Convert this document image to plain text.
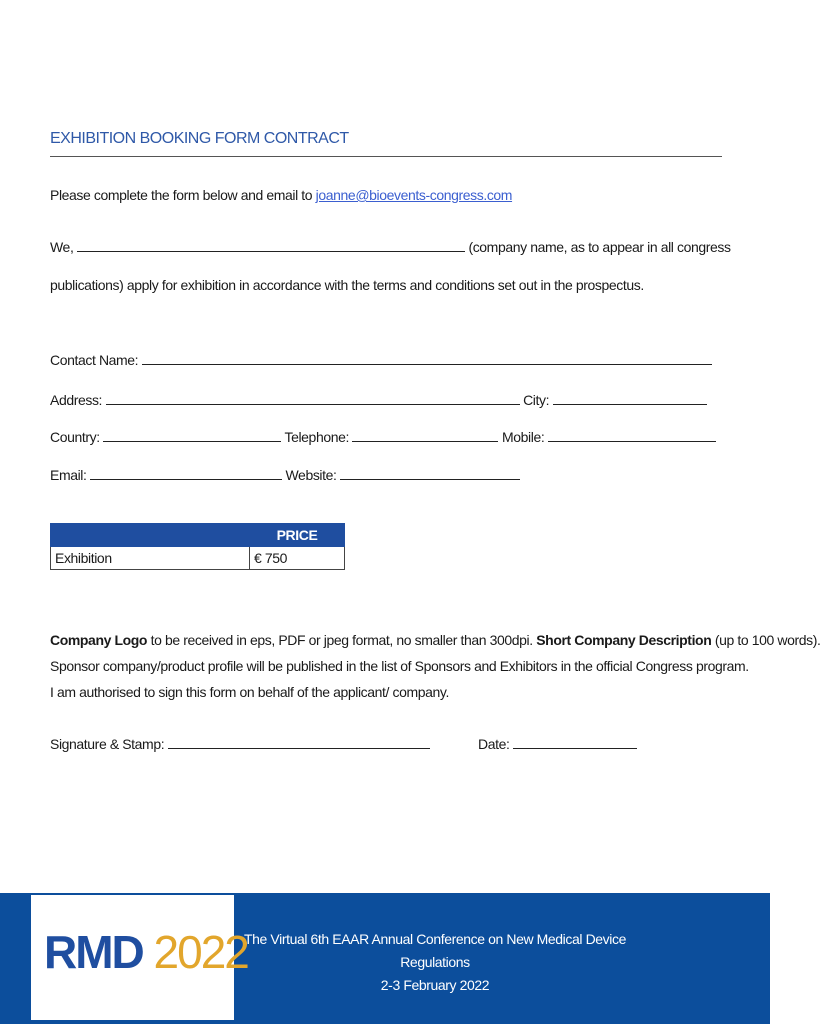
EXHIBITION BOOKING FORM CONTRACT
Please complete the form below and email to joanne@bioevents-congress.com
We,	(company name, as to appear in all congress
publications) apply for exhibition in accordance with the terms and conditions set out in the prospectus.
Contact Name:
Address:	City:
Country:	Telephone:	Mobile:
Email:	Website:
	PRICE
Exhibition	€ 750
Company Logo to be received in eps, PDF or jpeg format, no smaller than 300dpi. Short Company Description (up to 100 words).
Sponsor company/product profile will be published in the list of Sponsors and Exhibitors in the official Congress program.
I am authorised to sign this form on behalf of the applicant/ company.
Signature & Stamp:	Date:
RMD 2022
The Virtual 6th EAAR Annual Conference on New Medical Device Regulations
2-3 February 2022
